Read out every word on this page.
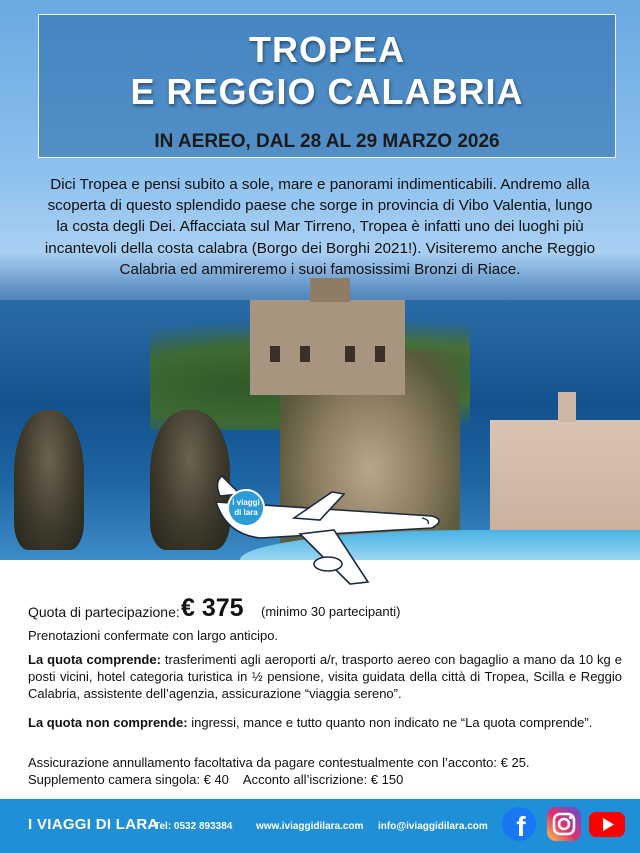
TROPEA
E REGGIO CALABRIA
IN AEREO, DAL 28 AL 29 MARZO 2026
Dici Tropea e pensi subito a sole, mare e panorami indimenticabili. Andremo alla
scoperta di questo splendido paese che sorge in provincia di Vibo Valentia, lungo
la costa degli Dei. Affacciata sul Mar Tirreno, Tropea è infatti uno dei luoghi più
incantevoli della costa calabra (Borgo dei Borghi 2021!). Visiteremo anche Reggio
Calabria ed ammireremo i suoi famosissimi Bronzi di Riace.
i viaggi
di lara
Quota di partecipazione: € 375 (minimo 30 partecipanti)
Prenotazioni confermate con largo anticipo.
La quota comprende: trasferimenti agli aeroporti a/r, trasporto aereo con bagaglio a mano da 10 kg e posti vicini, hotel categoria turistica in ½ pensione, visita guidata della città di Tropea, Scilla e Reggio Calabria, assistente dell’agenzia, assicurazione “viaggia sereno”.
La quota non comprende: ingressi, mance e tutto quanto non indicato ne “La quota comprende”.
Assicurazione annullamento facoltativa da pagare contestualmente con l’acconto: € 25.
Supplemento camera singola: € 40 Acconto all’iscrizione: € 150
I VIAGGI DI LARA
- Tel: 0532 893384 www.iviaggidilara.com info@iviaggidilara.com f
